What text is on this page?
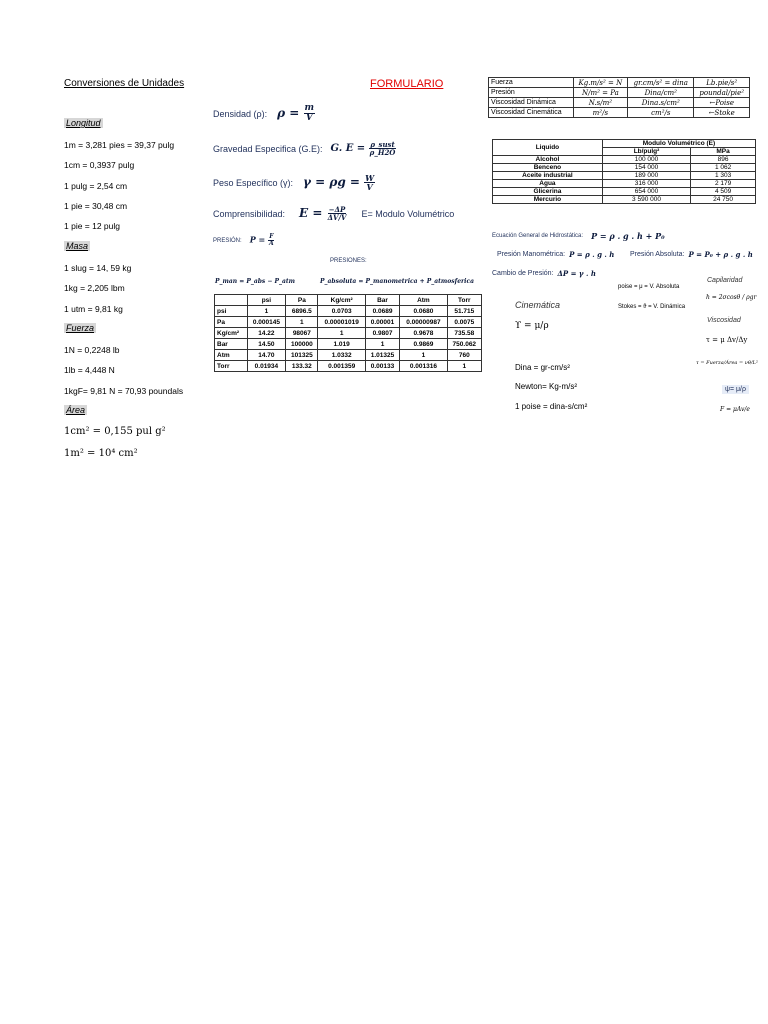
Conversiones de Unidades
Longitud
1m = 3,281 pies = 39,37 pulg
1cm = 0,3937 pulg
1 pulg = 2,54 cm
1 pie = 30,48 cm
1 pie = 12 pulg
Masa
1 slug = 14, 59 kg
1kg = 2,205 lbm
1 utm = 9,81 kg
Fuerza
1N = 0,2248 lb
1lb = 4,448 N
1kgF= 9,81 N = 70,93 poundals
Área
1cm² = 0,155 pul g²
1m² = 10⁴ cm²
FORMULARIO
Densidad (ρ): $\rho = \frac{m}{V}$
Gravedad Especifica (G.E): G. $E = \frac{\text{ρ\_sust}}{\rho\_H2O}$
Peso Específico (γ): $\gamma = \rho g = \frac{W}{V}$
Comprensibilidad: $E = \frac{-\Delta P}{\Delta V/V} E=$ Modulo Volumétrico
PRESIÓN: $P = \frac{F}{A}$
PRESIONES:
P_man = P_abs − P_atm	P_absoluta = P_manometrica + P_atmosferica
	psi	Pa	Kg/cm²	Bar	Atm	Torr
psi	1	6896.5	0.0703	0.0689	0.0680	51.715
Pa	0.000145	1	0.00001019	0.00001	0.00000987	0.0075
Kg/cm²	14.22	98067	1	0.9807	0.9678	735.58
Bar	14.50	100000	1.019	1	0.9869	750.062
Atm	14.70	101325	1.0332	1.01325	1	760
Torr	0.01934	133.32	0.001359	0.00133	0.001316	1
Fuerza	Kg.m/s² = N	gr.cm/s² = dina	Lb.pie/s²
Presión	N/m² = Pa	Dina/cm²	poundal/pie²
Viscosidad Dinámica	N.s/m²	Dina.s/cm²	←Poise
Viscosidad Cinemática	m²/s	cm²/s	←Stoke
Liquido	Modulo Volumétrico (E)	
	Lb/pulg²	MPa
Alcohol	100 000	896
Benceno	154 000	1 062
Aceite industrial	189 000	1 303
Agua	316 000	2 179
Glicerina	654 000	4 509
Mercurio	3 590 000	24 750
Ecuación General de Hidrostática: P = ρ . g . h + P₀
Presión Manométrica: P = ρ . g . h Presión Absoluta: P = P₀ + ρ . g . h
Cambio de Presión: ΔP = γ . h
poise = μ = V. Absoluta
Stokes = ϑ = V. Dinámica
Cinemática
ϒ = μ/ρ
Dina = gr-cm/s²
Newton= Kg-m/s²
1 poise = dina-s/cm²
Capilaridad
h = 2σcosθ / ρgr
Viscosidad
τ = μ Δv/Δy
τ = Fuerza/Área = νθ/L²
ψ= μ/ρ
F = μAv/e
